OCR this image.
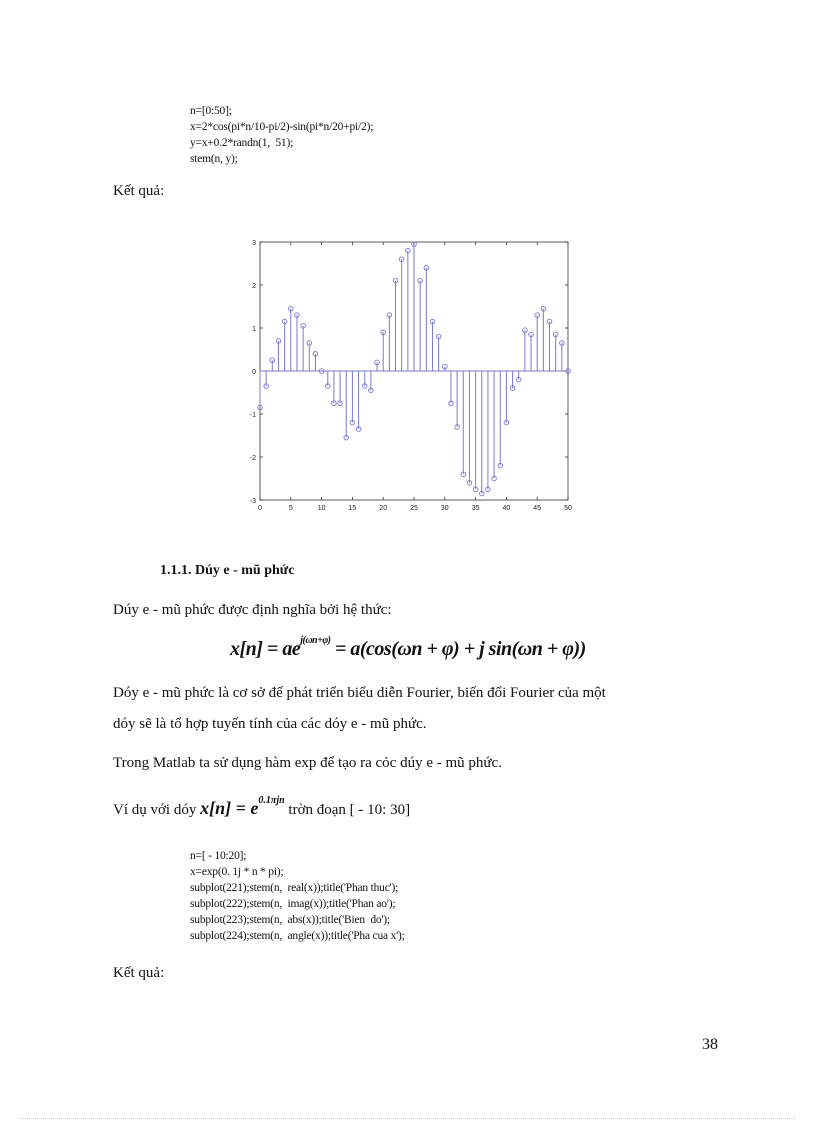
n=[0:50];
x=2*cos(pi*n/10-pi/2)-sin(pi*n/20+pi/2);
y=x+0.2*randn(1,  51);
stem(n, y);
Kết quả:
3
2
1
0
-1
-2
-3
0	5	10	15	20	25	30	35	40	45	50
1.1.1. Dúy e - mũ phức
Dúy e - mũ phức được định nghĩa bởi hệ thức:
$x[n] = ae^{j(\omega n+\varphi)} = a(\cos(\omega n + \varphi) + j$ sin(ωn + φ))
Dóy e - mũ phức là cơ sở để phát triển biểu diễn Fourier, biến đổi Fourier của một
dóy sẽ là tổ hợp tuyến tính của các dóy e - mũ phức.
Trong Matlab ta sử dụng hàm exp để tạo ra cỏc dúy e - mũ phức.
Ví dụ với dóy $x[n] = e^{0.1\pi jn}$ trờn đoạn [ - 10: 30]
n=[ - 10:20];
x=exp(0. 1j * n * pi);
subplot(221);stem(n,  real(x));title('Phan thuc');
subplot(222);stem(n,  imag(x));title('Phan ao');
subplot(223);stem(n,  abs(x));title('Bien  do');
subplot(224);stem(n,  angle(x));title('Pha cua x');
Kết quả:
38
